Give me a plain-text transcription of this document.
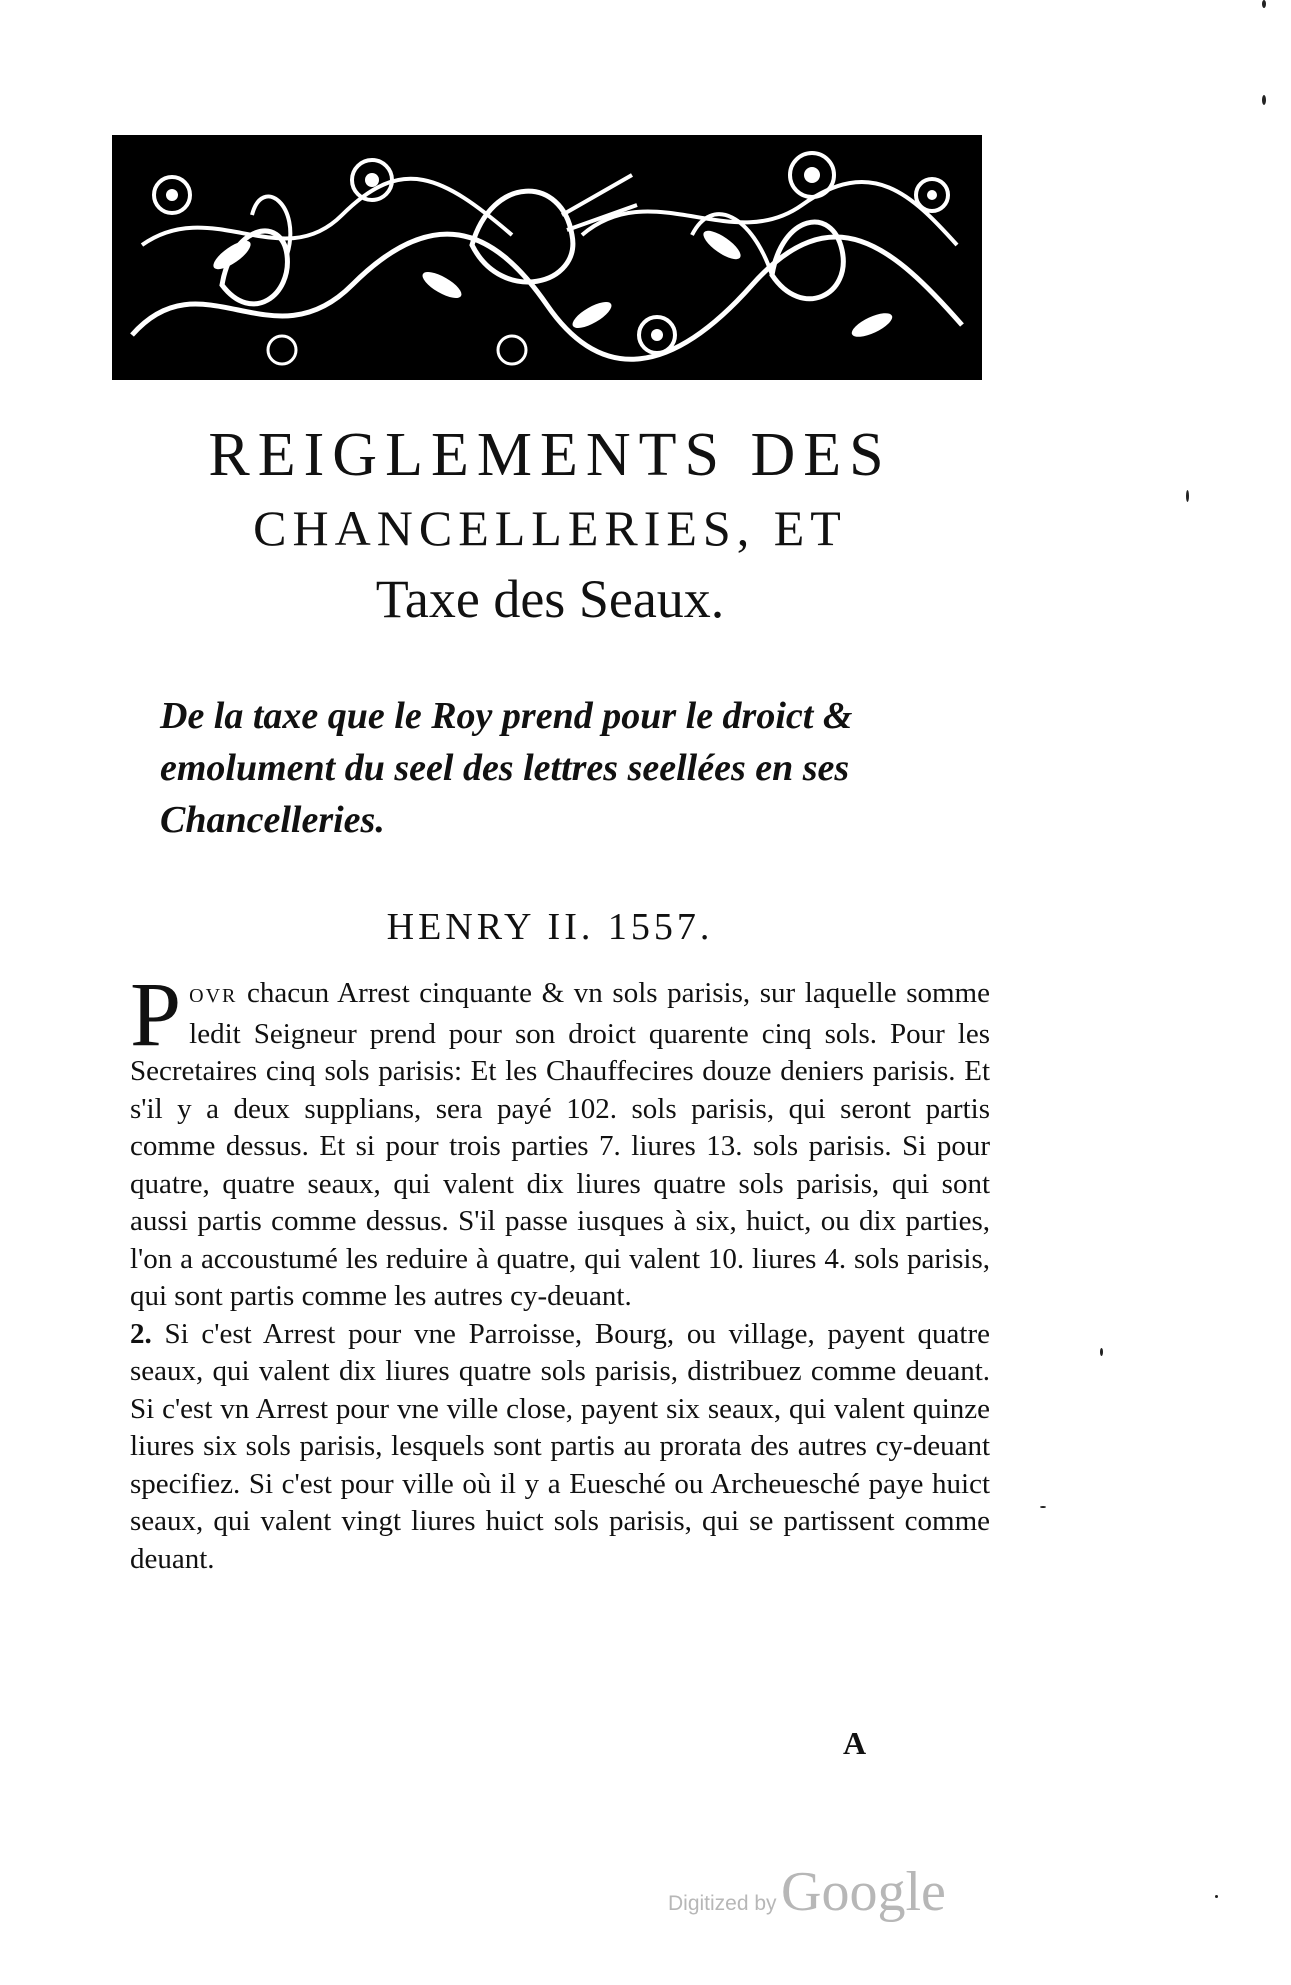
REIGLEMENTS DES
CHANCELLERIES, ET
Taxe des Seaux.
De la taxe que le Roy prend pour le droict & emolument du seel des lettres seellées en ses Chancelleries.
HENRY II. 1557.

POVR chacun Arrest cinquante & vn sols parisis, sur laquelle somme ledit Seigneur prend pour son droict quarente cinq sols. Pour les Secretaires cinq sols parisis: Et les Chauffecires douze deniers parisis. Et s'il y a deux supplians, sera payé 102. sols parisis, qui seront partis comme dessus. Et si pour trois parties 7. liures 13. sols parisis. Si pour quatre, quatre seaux, qui valent dix liures quatre sols parisis, qui sont aussi partis comme dessus. S'il passe iusques à six, huict, ou dix parties, l'on a accoustumé les reduire à quatre, qui valent 10. liures 4. sols parisis, qui sont partis comme les autres cy-deuant.

2. Si c'est Arrest pour vne Parroisse, Bourg, ou village, payent quatre seaux, qui valent dix liures quatre sols parisis, distribuez comme deuant. Si c'est vn Arrest pour vne ville close, payent six seaux, qui valent quinze liures six sols parisis, lesquels sont partis au prorata des autres cy-deuant specifiez. Si c'est pour ville où il y a Euesché ou Archeuesché paye huict seaux, qui valent vingt liures huict sols parisis, qui se partissent comme deuant.

A
Digitized by Google
